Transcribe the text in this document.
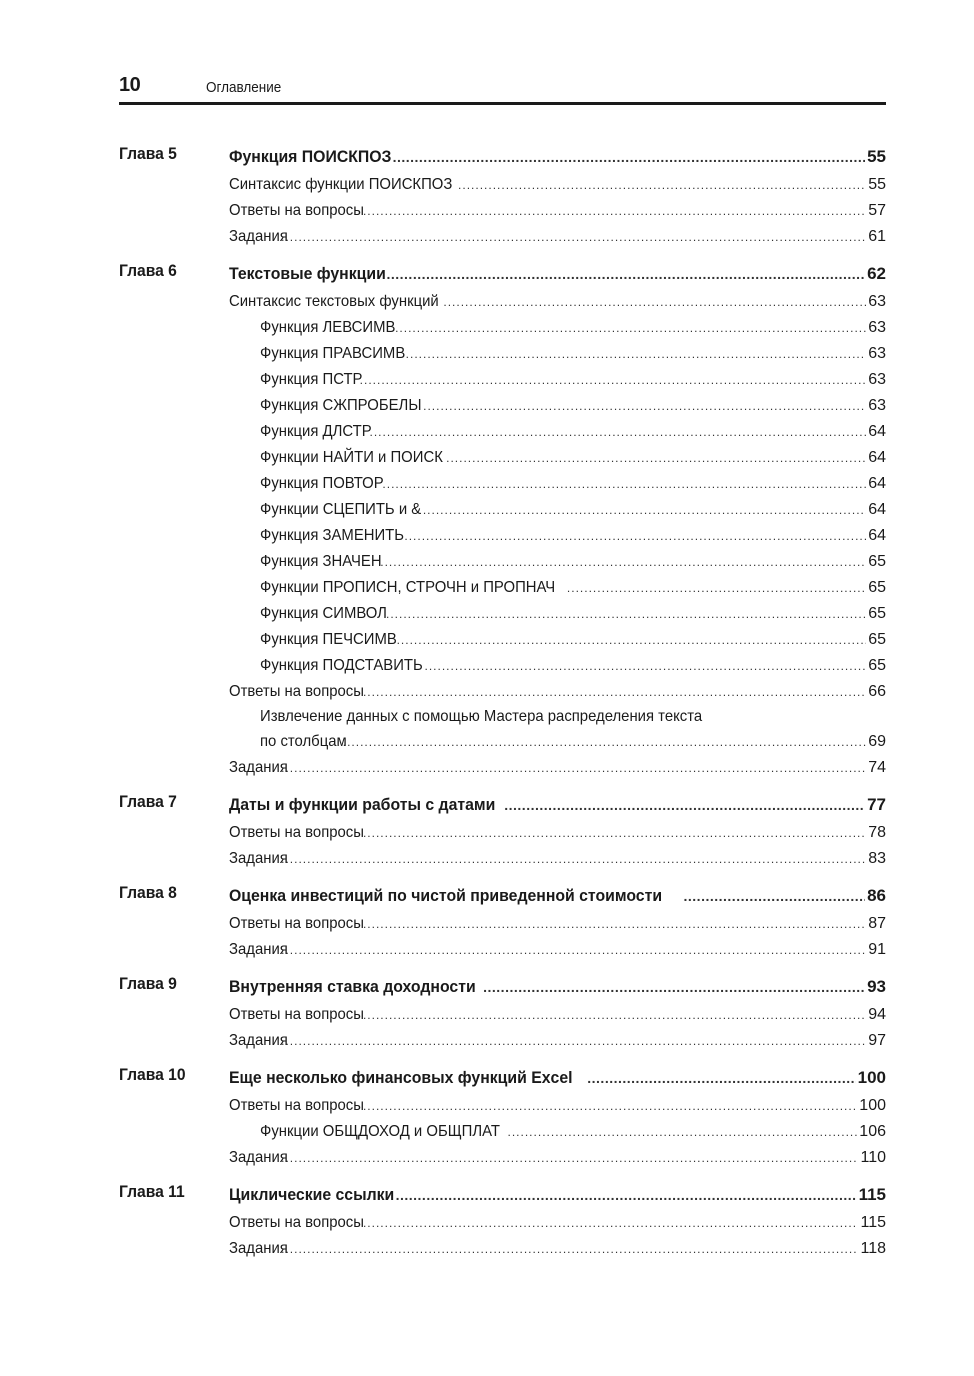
10	Оглавление
Глава 5	Функция ПОИСКПОЗ .....	55
Синтаксис функции ПОИСКПОЗ .....	55
Ответы на вопросы .....	57
Задания .....	61
Глава 6	Текстовые функции .....	62
Синтаксис текстовых функций .....	63
Функция ЛЕВСИМВ .....	63
Функция ПРАВСИМВ .....	63
Функция ПСТР .....	63
Функция СЖПРОБЕЛЫ .....	63
Функция ДЛСТР .....	64
Функции НАЙТИ и ПОИСК .....	64
Функция ПОВТОР .....	64
Функции СЦЕПИТЬ и & .....	64
Функция ЗАМЕНИТЬ .....	64
Функция ЗНАЧЕН .....	65
Функции ПРОПИСН, СТРОЧН и ПРОПНАЧ .....	65
Функция СИМВОЛ .....	65
Функция ПЕЧСИМВ .....	65
Функция ПОДСТАВИТЬ .....	65
Ответы на вопросы .....	66
Извлечение данных с помощью Мастера распределения текста
по столбцам .....	69
Задания .....	74
Глава 7	Даты и функции работы с датами .....	77
Ответы на вопросы .....	78
Задания .....	83
Глава 8	Оценка инвестиций по чистой приведенной стоимости .....	86
Ответы на вопросы .....	87
Задания .....	91
Глава 9	Внутренняя ставка доходности .....	93
Ответы на вопросы .....	94
Задания .....	97
Глава 10	Еще несколько финансовых функций Excel .....	100
Ответы на вопросы .....	100
Функции ОБЩДОХОД и ОБЩПЛАТ .....	106
Задания .....	110
Глава 11	Циклические ссылки .....	115
Ответы на вопросы .....	115
Задания .....	118
